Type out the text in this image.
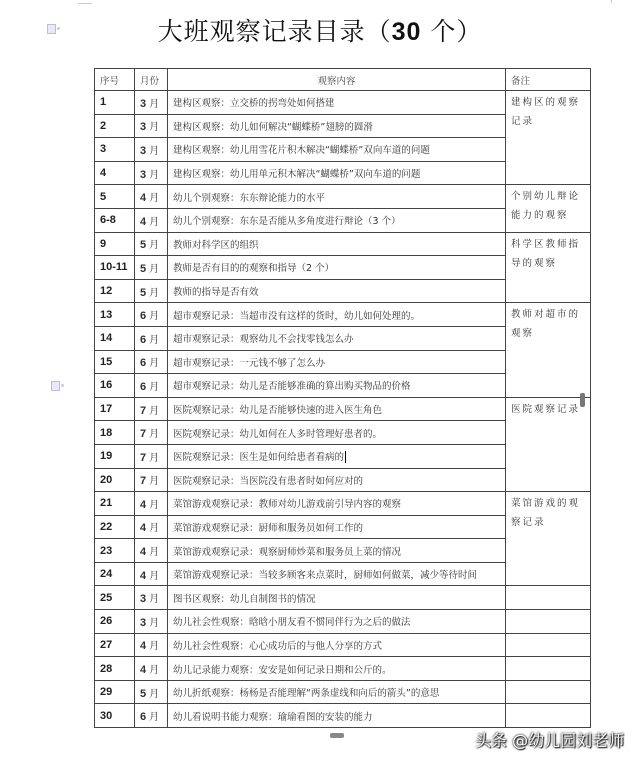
大班观察记录目录（30 个）
序号	月份	观察内容	备注
1	3 月	建构区观察：立交桥的拐弯处如何搭建	建构区的观察记录
2	3 月	建构区观察：幼儿如何解决“蝴蝶桥”翅膀的圆滑	
3	3 月	建构区观察：幼儿用雪花片积木解决“蝴蝶桥”双向车道的问题	
4	3 月	建构区观察：幼儿用单元积木解决“蝴蝶桥”双向车道的问题	
5	4 月	幼儿个别观察：东东辩论能力的水平	个别幼儿辩论能力的观察
6-8	4 月	幼儿个别观察：东东是否能从多角度进行辩论（3 个）	
9	5 月	教师对科学区的组织	科学区教师指导的观察
10-11	5 月	教师是否有目的的观察和指导（2 个）	
12	5 月	教师的指导是否有效	
13	6 月	超市观察记录：当超市没有这样的货时，幼儿如何处理的。	教师对超市的观察
14	6 月	超市观察记录：观察幼儿不会找零钱怎么办	
15	6 月	超市观察记录：一元钱不够了怎么办	
16	6 月	超市观察记录：幼儿是否能够准确的算出购买物品的价格	
17	7 月	医院观察记录：幼儿是否能够快速的进入医生角色	医院观察记录
18	7 月	医院观察记录：幼儿如何在人多时管理好患者的。	
19	7 月	医院观察记录：医生是如何给患者看病的	
20	7 月	医院观察记录：当医院没有患者时如何应对的	
21	4 月	菜馆游戏观察记录：教师对幼儿游戏前引导内容的观察	菜馆游戏的观察记录
22	4 月	菜馆游戏观察记录：厨师和服务员如何工作的	
23	4 月	菜馆游戏观察记录：观察厨师炒菜和服务员上菜的情况	
24	4 月	菜馆游戏观察记录：当较多顾客来点菜时，厨师如何做菜，减少等待时间	
25	3 月	图书区观察：幼儿自制图书的情况	
26	3 月	幼儿社会性观察：晗晗小朋友看不惯同伴行为之后的做法	
27	4 月	幼儿社会性观察：心心成功后的与他人分享的方式	
28	4 月	幼儿记录能力观察：安安是如何记录日期和公斤的。	
29	5 月	幼儿折纸观察：杨杨是否能理解“两条虚线和向后的箭头”的意思	
30	6 月	幼儿看说明书能力观察：瑜瑜看图的安装的能力	
头条 @幼儿园刘老师
